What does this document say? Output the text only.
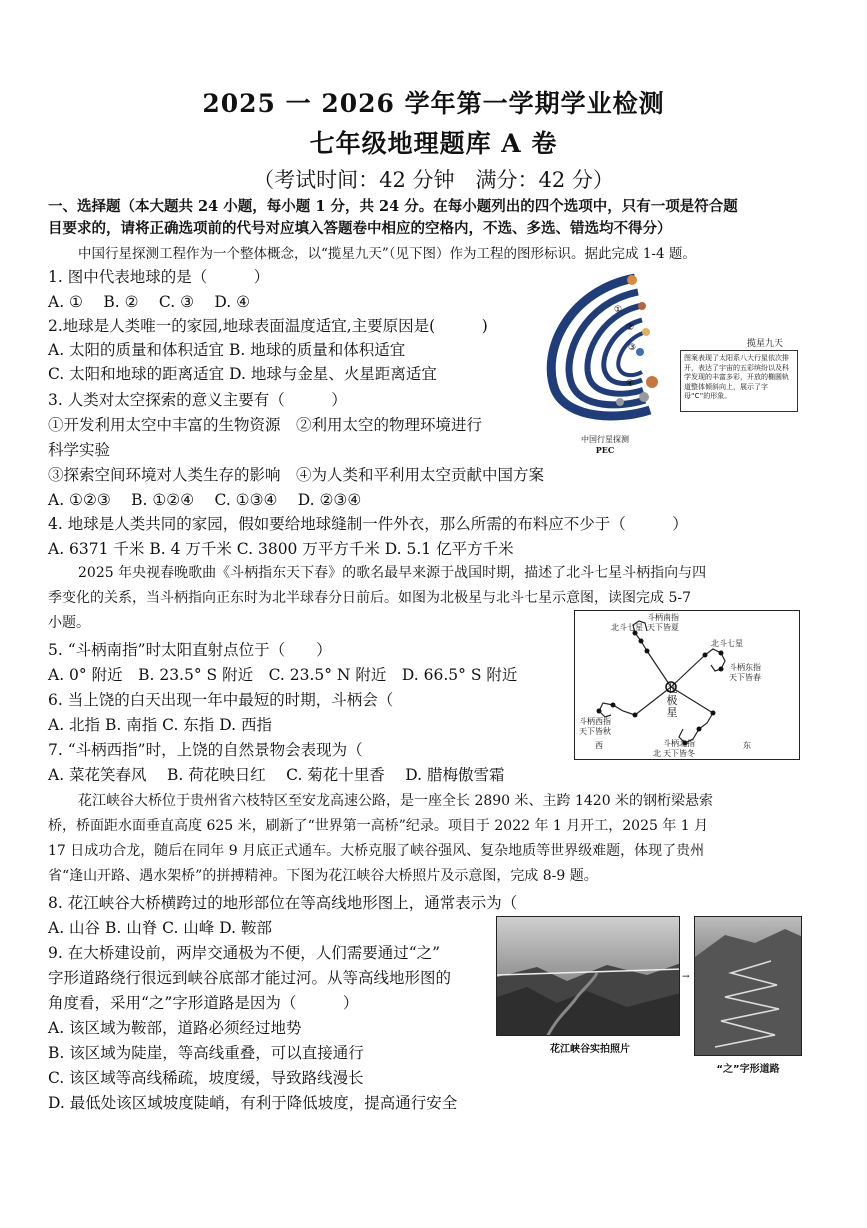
2025 一 2026 学年第一学期学业检测
七年级地理题库 A 卷
（考试时间：42 分钟　满分：42 分）
一、选择题（本大题共 24 小题，每小题 1 分，共 24 分。在每小题列出的四个选项中，只有一项是符合题
目要求的，请将正确选项前的代号对应填入答题卷中相应的空格内，不选、多选、错选均不得分）
中国行星探测工程作为一个整体概念，以“揽星九天”（见下图）作为工程的图形标识。据此完成 1-4 题。
1. 图中代表地球的是（　　　）
A. ①　 B. ②　 C. ③　 D. ④
2.地球是人类唯一的家园,地球表面温度适宜,主要原因是(　　　)
A. 太阳的质量和体积适宜 B. 地球的质量和体积适宜
C. 太阳和地球的距离适宜 D. 地球与金星、火星距离适宜
3. 人类对太空探索的意义主要有（　　　）
①开发利用太空中丰富的生物资源　②利用太空的物理环境进行
科学实验
③探索空间环境对人类生存的影响　④为人类和平利用太空贡献中国方案
A. ①②③　 B. ①②④　 C. ①③④　 D. ②③④
4. 地球是人类共同的家园，假如要给地球缝制一件外衣，那么所需的布料应不少于（　　　）
A. 6371 千米 B. 4 万千米 C. 3800 万平方千米 D. 5.1 亿平方千米
2025 年央视春晚歌曲《斗柄指东天下春》的歌名最早来源于战国时期，描述了北斗七星斗柄指向与四
季变化的关系，当斗柄指向正东时为北半球春分日前后。如图为北极星与北斗七星示意图，读图完成 5-7
小题。
5. “斗柄南指”时太阳直射点位于（　　）
A. 0° 附近　B. 23.5° S 附近　C. 23.5° N 附近　D. 66.5° S 附近
6. 当上饶的白天出现一年中最短的时期，斗柄会（
A. 北指 B. 南指 C. 东指 D. 西指
7. “斗柄西指”时，上饶的自然景物会表现为（
A. 菜花笑春风　 B. 荷花映日红　 C. 菊花十里香　 D. 腊梅傲雪霜
花江峡谷大桥位于贵州省六枝特区至安龙高速公路，是一座全长 2890 米、主跨 1420 米的钢桁梁悬索
桥，桥面距水面垂直高度 625 米，刷新了“世界第一高桥”纪录。项目于 2022 年 1 月开工，2025 年 1 月
17 日成功合龙，随后在同年 9 月底正式通车。大桥克服了峡谷强风、复杂地质等世界级难题，体现了贵州
省“逢山开路、遇水架桥”的拼搏精神。下图为花江峡谷大桥照片及示意图，完成 8-9 题。
8. 花江峡谷大桥横跨过的地形部位在等高线地形图上，通常表示为（
A. 山谷 B. 山脊 C. 山峰 D. 鞍部
9. 在大桥建设前，两岸交通极为不便，人们需要通过“之”
字形道路绕行很远到峡谷底部才能过河。从等高线地形图的
角度看，采用“之”字形道路是因为（　　　）
A. 该区域为鞍部，道路必须经过地势
B. 该区域为陡崖，等高线重叠，可以直接通行
C. 该区域等高线稀疏，坡度缓，导致路线漫长
D. 最低处该区域坡度陡峭，有利于降低坡度，提高通行安全
①
②
③
④
中国行星探测
PEC
揽星九天
图案表现了太阳系八大行星依次排开，表达了宇宙的五彩缤纷以及科学发现的丰富多彩，开放的椭圆轨道整体倾斜向上，展示了字母“C”的形象。
北极星
北斗七星
北斗七星
斗柄南指 天下皆夏
斗柄东指 天下皆春
斗柄西指 天下皆秋
斗柄北指 天下皆冬
西	东
北
→
花江峡谷实拍照片
“之”字形道路
